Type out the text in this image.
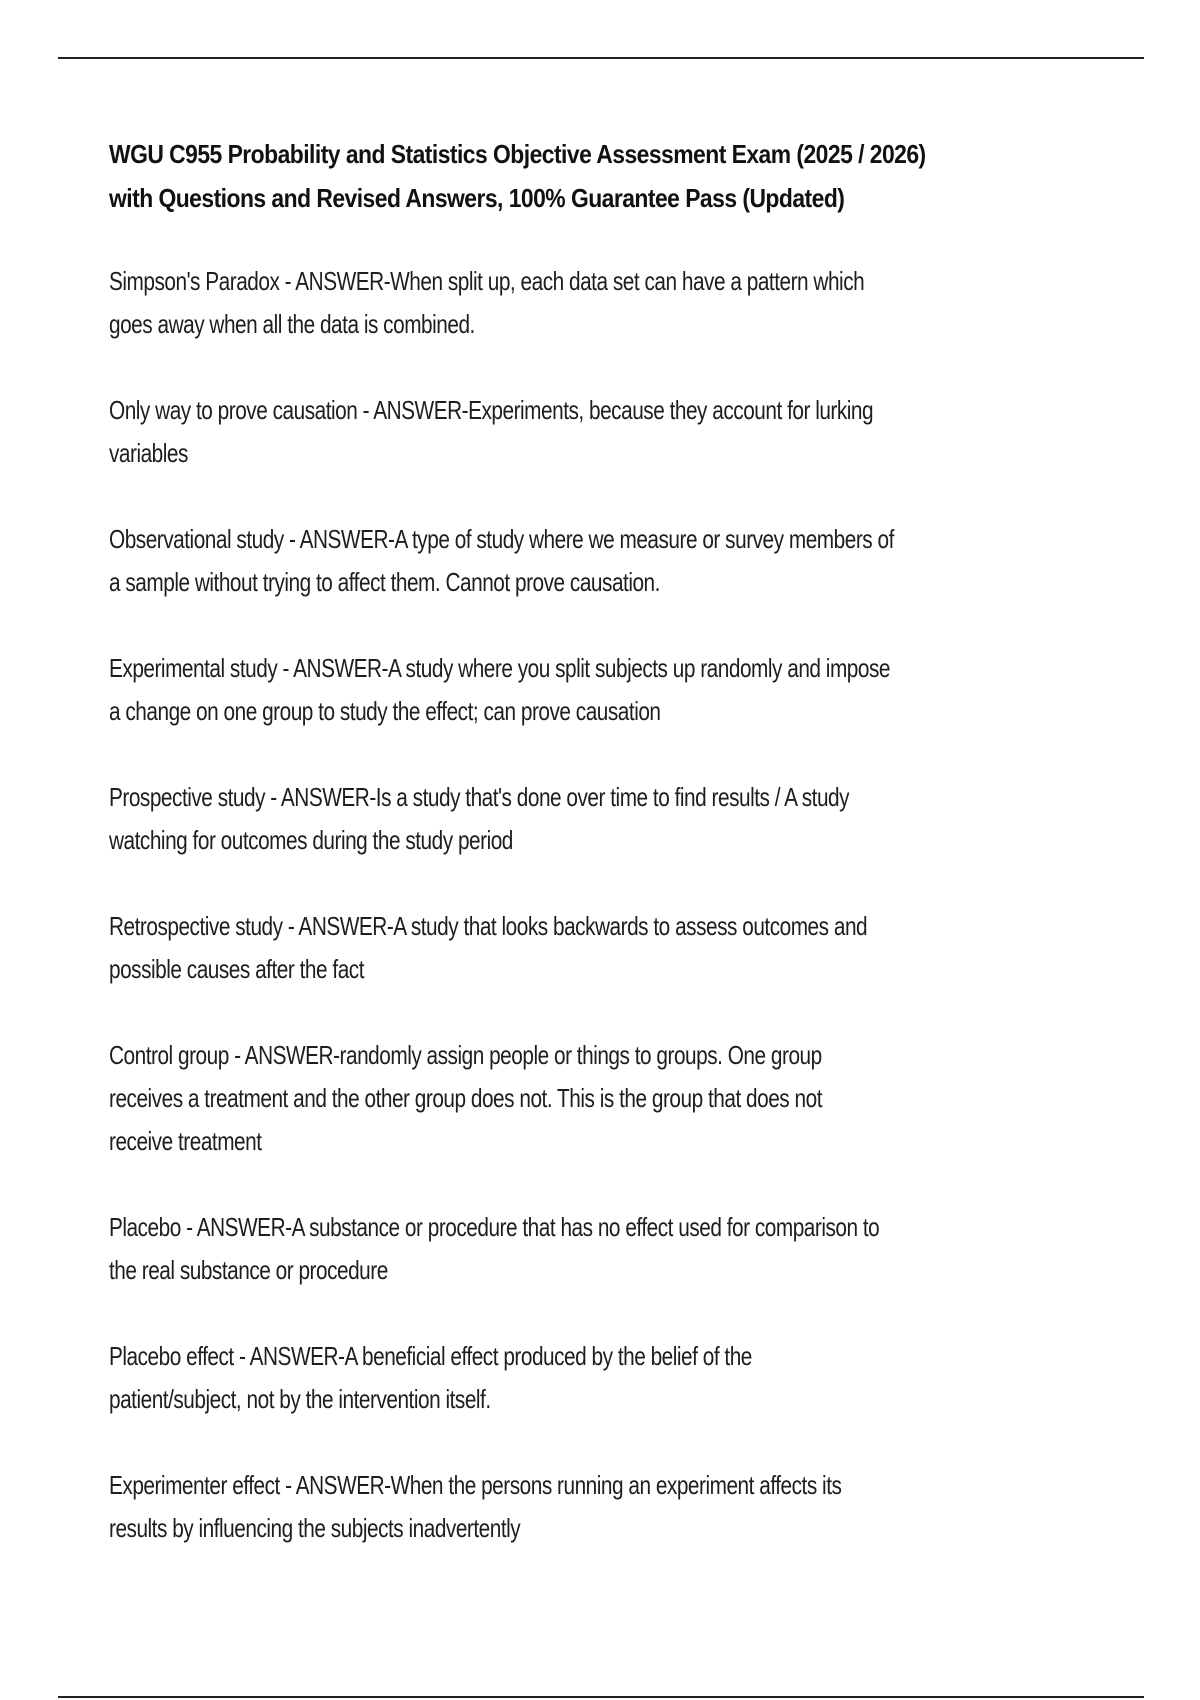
WGU C955 Probability and Statistics Objective Assessment Exam (2025 / 2026)
with Questions and Revised Answers, 100% Guarantee Pass (Updated)

Simpson's Paradox - ANSWER-When split up, each data set can have a pattern which
goes away when all the data is combined.

Only way to prove causation - ANSWER-Experiments, because they account for lurking
variables

Observational study - ANSWER-A type of study where we measure or survey members of
a sample without trying to affect them. Cannot prove causation.

Experimental study - ANSWER-A study where you split subjects up randomly and impose
a change on one group to study the effect; can prove causation

Prospective study - ANSWER-Is a study that's done over time to find results / A study
watching for outcomes during the study period

Retrospective study - ANSWER-A study that looks backwards to assess outcomes and
possible causes after the fact

Control group - ANSWER-randomly assign people or things to groups. One group
receives a treatment and the other group does not. This is the group that does not
receive treatment

Placebo - ANSWER-A substance or procedure that has no effect used for comparison to
the real substance or procedure

Placebo effect - ANSWER-A beneficial effect produced by the belief of the
patient/subject, not by the intervention itself.

Experimenter effect - ANSWER-When the persons running an experiment affects its
results by influencing the subjects inadvertently
